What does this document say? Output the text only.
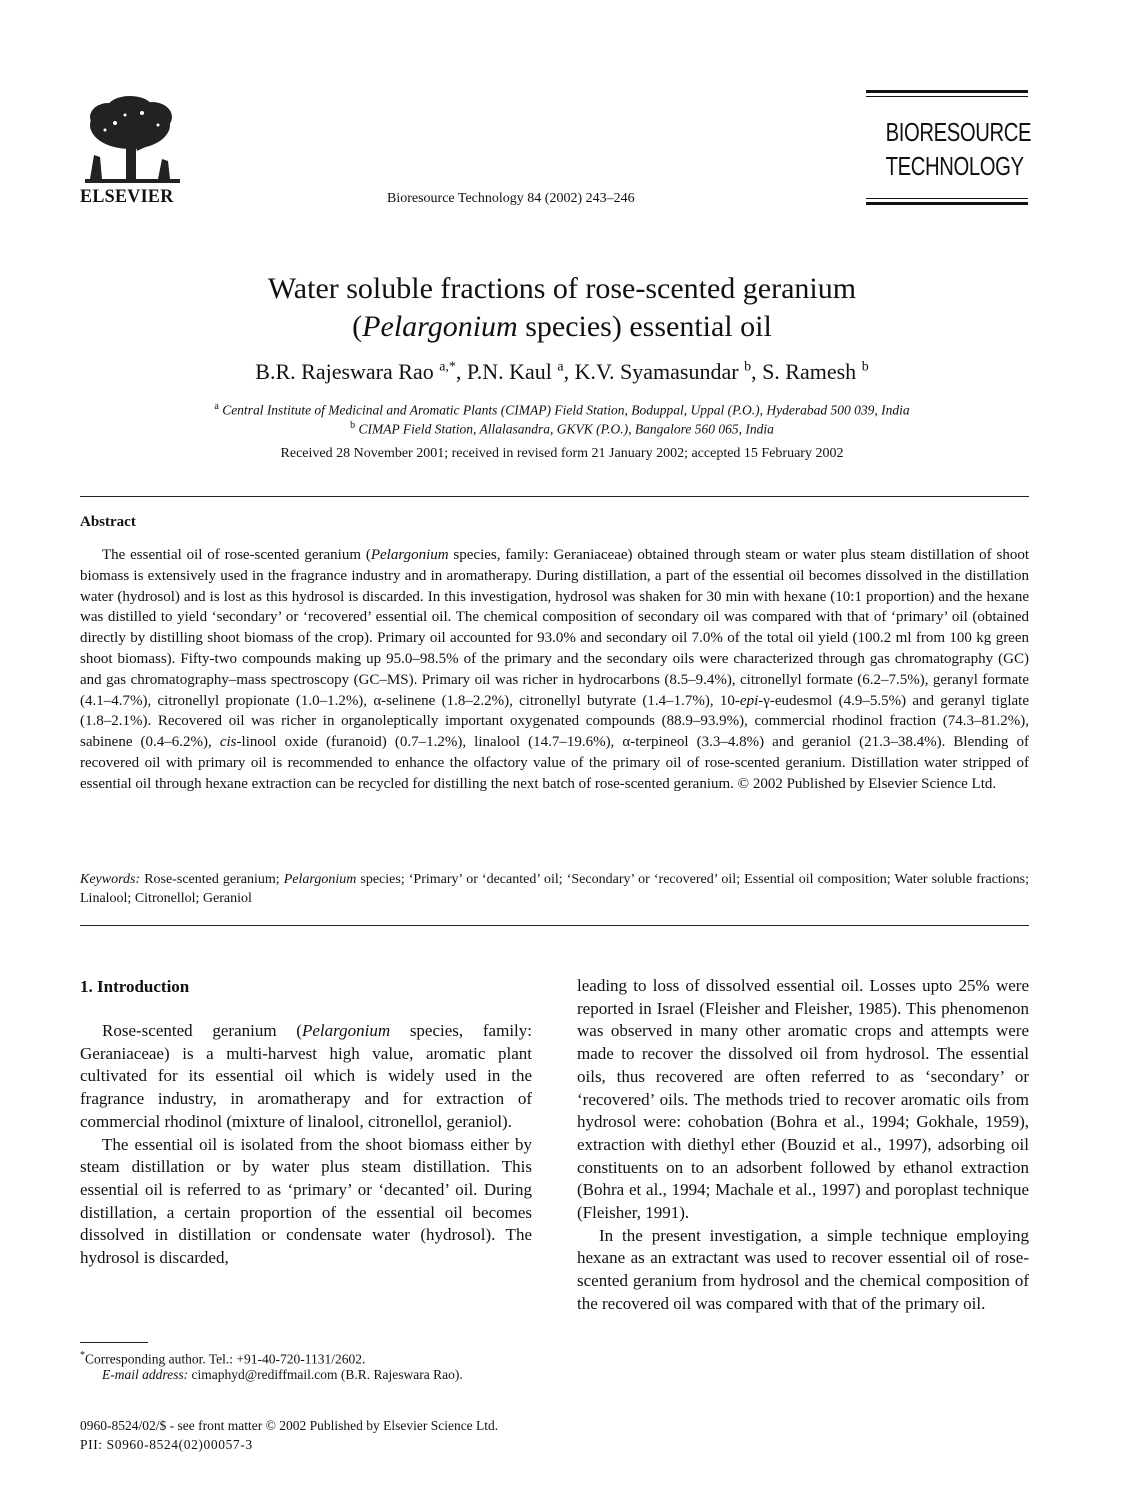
ELSEVIER	Bioresource Technology 84 (2002) 243–246
BIORESOURCE
TECHNOLOGY
Water soluble fractions of rose-scented geranium
(Pelargonium species) essential oil
B.R. Rajeswara Rao $^{a,*}$, P.N. Kaul $^a$, K.V. Syamasundar $^b$, S. Ramesh $^b$
$^a$ Central Institute of Medicinal and Aromatic Plants (CIMAP) Field Station, Boduppal, Uppal (P.O.), Hyderabad 500 039, India
$^b$ CIMAP Field Station, Allalasandra, GKVK (P.O.), Bangalore 560 065, India
Received 28 November 2001; received in revised form 21 January 2002; accepted 15 February 2002
Abstract
The essential oil of rose-scented geranium (Pelargonium species, family: Geraniaceae) obtained through steam or water plus steam distillation of shoot biomass is extensively used in the fragrance industry and in aromatherapy. During distillation, a part of the essential oil becomes dissolved in the distillation water (hydrosol) and is lost as this hydrosol is discarded. In this investigation, hydrosol was shaken for 30 min with hexane (10:1 proportion) and the hexane was distilled to yield ‘secondary’ or ‘recovered’ essential oil. The chemical composition of secondary oil was compared with that of ‘primary’ oil (obtained directly by distilling shoot biomass of the crop). Primary oil accounted for 93.0% and secondary oil 7.0% of the total oil yield (100.2 ml from 100 kg green shoot biomass). Fifty-two compounds making up 95.0–98.5% of the primary and the secondary oils were characterized through gas chromatography (GC) and gas chromatography–mass spectroscopy (GC–MS). Primary oil was richer in hydrocarbons (8.5–9.4%), citronellyl formate (6.2–7.5%), geranyl formate (4.1–4.7%), citronellyl propionate (1.0–1.2%), α-selinene (1.8–2.2%), citronellyl butyrate (1.4–1.7%), 10-epi-γ-eudesmol (4.9–5.5%) and geranyl tiglate (1.8–2.1%). Recovered oil was richer in organoleptically important oxygenated compounds (88.9–93.9%), commercial rhodinol fraction (74.3–81.2%), sabinene (0.4–6.2%), cis-linool oxide (furanoid) (0.7–1.2%), linalool (14.7–19.6%), α-terpineol (3.3–4.8%) and geraniol (21.3–38.4%). Blending of recovered oil with primary oil is recommended to enhance the olfactory value of the primary oil of rose-scented geranium. Distillation water stripped of essential oil through hexane extraction can be recycled for distilling the next batch of rose-scented geranium. © 2002 Published by Elsevier Science Ltd.
Keywords: Rose-scented geranium; Pelargonium species; ‘Primary’ or ‘decanted’ oil; ‘Secondary’ or ‘recovered’ oil; Essential oil composition; Water soluble fractions; Linalool; Citronellol; Geraniol
1. Introduction

Rose-scented geranium (Pelargonium species, family: Geraniaceae) is a multi-harvest high value, aromatic plant cultivated for its essential oil which is widely used in the fragrance industry, in aromatherapy and for extraction of commercial rhodinol (mixture of linalool, citronellol, geraniol).

The essential oil is isolated from the shoot biomass either by steam distillation or by water plus steam distillation. This essential oil is referred to as ‘primary’ or ‘decanted’ oil. During distillation, a certain proportion of the essential oil becomes dissolved in distillation or condensate water (hydrosol). The hydrosol is discarded,

leading to loss of dissolved essential oil. Losses upto 25% were reported in Israel (Fleisher and Fleisher, 1985). This phenomenon was observed in many other aromatic crops and attempts were made to recover the dissolved oil from hydrosol. The essential oils, thus recovered are often referred to as ‘secondary’ or ‘recovered’ oils. The methods tried to recover aromatic oils from hydrosol were: cohobation (Bohra et al., 1994; Gokhale, 1959), extraction with diethyl ether (Bouzid et al., 1997), adsorbing oil constituents on to an adsorbent followed by ethanol extraction (Bohra et al., 1994; Machale et al., 1997) and poroplast technique (Fleisher, 1991).

In the present investigation, a simple technique employing hexane as an extractant was used to recover essential oil of rose-scented geranium from hydrosol and the chemical composition of the recovered oil was compared with that of the primary oil.

*Corresponding author. Tel.: +91-40-720-1131/2602.
E-mail address: cimaphyd@rediffmail.com (B.R. Rajeswara Rao).
0960-8524/02/$ - see front matter © 2002 Published by Elsevier Science Ltd.
PII: S0960-8524(02)00057-3
